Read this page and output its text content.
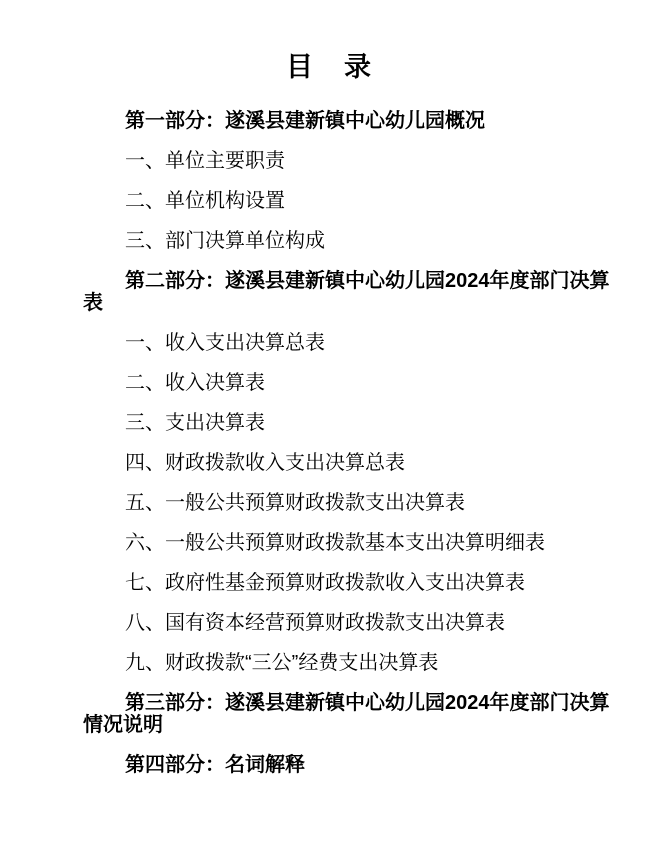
目　录

第一部分：遂溪县建新镇中心幼儿园概况

一、单位主要职责

二、单位机构设置

三、部门决算单位构成

第二部分：遂溪县建新镇中心幼儿园2024年度部门决算表

一、收入支出决算总表

二、收入决算表

三、支出决算表

四、财政拨款收入支出决算总表

五、一般公共预算财政拨款支出决算表

六、一般公共预算财政拨款基本支出决算明细表

七、政府性基金预算财政拨款收入支出决算表

八、国有资本经营预算财政拨款支出决算表

九、财政拨款“三公”经费支出决算表

第三部分：遂溪县建新镇中心幼儿园2024年度部门决算情况说明

第四部分：名词解释
